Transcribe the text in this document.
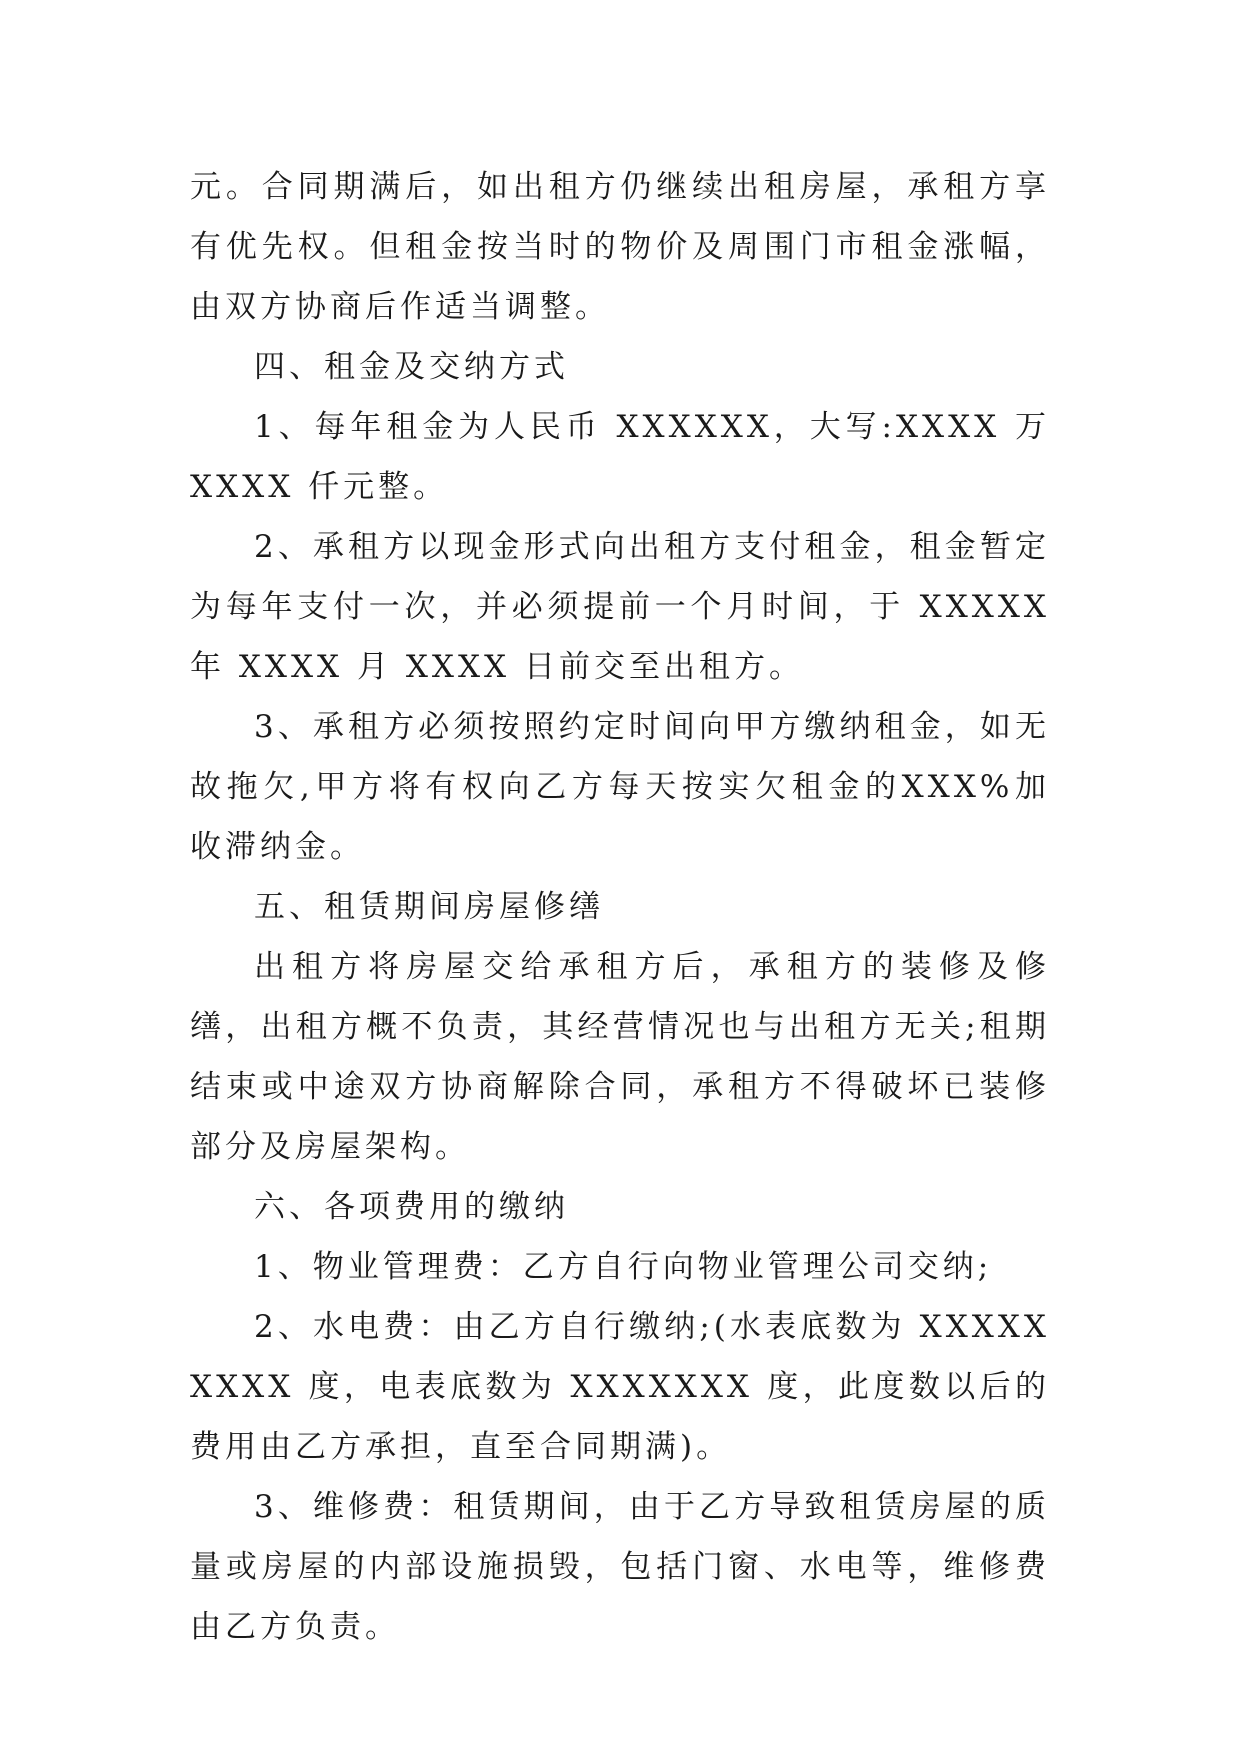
元。合同期满后，如出租方仍继续出租房屋，承租方享有优先权。但租金按当时的物价及周围门市租金涨幅，由双方协商后作适当调整。

四、租金及交纳方式

1、每年租金为人民币 XXXXXX，大写:XXXX 万 XXXX 仟元整。

2、承租方以现金形式向出租方支付租金，租金暂定为每年支付一次，并必须提前一个月时间，于 XXXXX 年 XXXX 月 XXXX 日前交至出租方。

3、承租方必须按照约定时间向甲方缴纳租金，如无故拖欠,甲方将有权向乙方每天按实欠租金的XXX%加收滞纳金。

五、租赁期间房屋修缮

出租方将房屋交给承租方后，承租方的装修及修缮，出租方概不负责，其经营情况也与出租方无关;租期结束或中途双方协商解除合同，承租方不得破坏已装修部分及房屋架构。

六、各项费用的缴纳

1、物业管理费：乙方自行向物业管理公司交纳;

2、水电费：由乙方自行缴纳;(水表底数为 XXXXXXXXX 度，电表底数为 XXXXXXX 度，此度数以后的费用由乙方承担，直至合同期满)。

3、维修费：租赁期间，由于乙方导致租赁房屋的质量或房屋的内部设施损毁，包括门窗、水电等，维修费由乙方负责。
